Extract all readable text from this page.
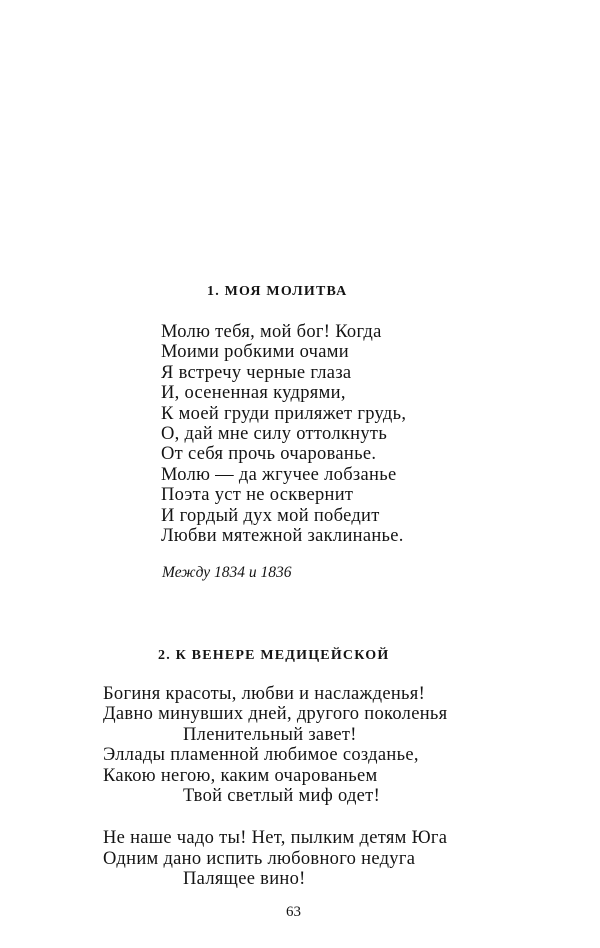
1. МОЯ МОЛИТВА
Молю тебя, мой бог! Когда
Моими робкими очами
Я встречу черные глаза
И, осененная кудрями,
К моей груди приляжет грудь,
О, дай мне силу оттолкнуть
От себя прочь очарованье.
Молю — да жгучее лобзанье
Поэта уст не осквернит
И гордый дух мой победит
Любви мятежной заклинанье.
Между 1834 и 1836
2. К ВЕНЕРЕ МЕДИЦЕЙСКОЙ
Богиня красоты, любви и наслажденья!
Давно минувших дней, другого поколенья
Пленительный завет!
Эллады пламенной любимое созданье,
Какою негою, каким очарованьем
Твой светлый миф одет!
Не наше чадо ты! Нет, пылким детям Юга
Одним дано испить любовного недуга
Палящее вино!
63
